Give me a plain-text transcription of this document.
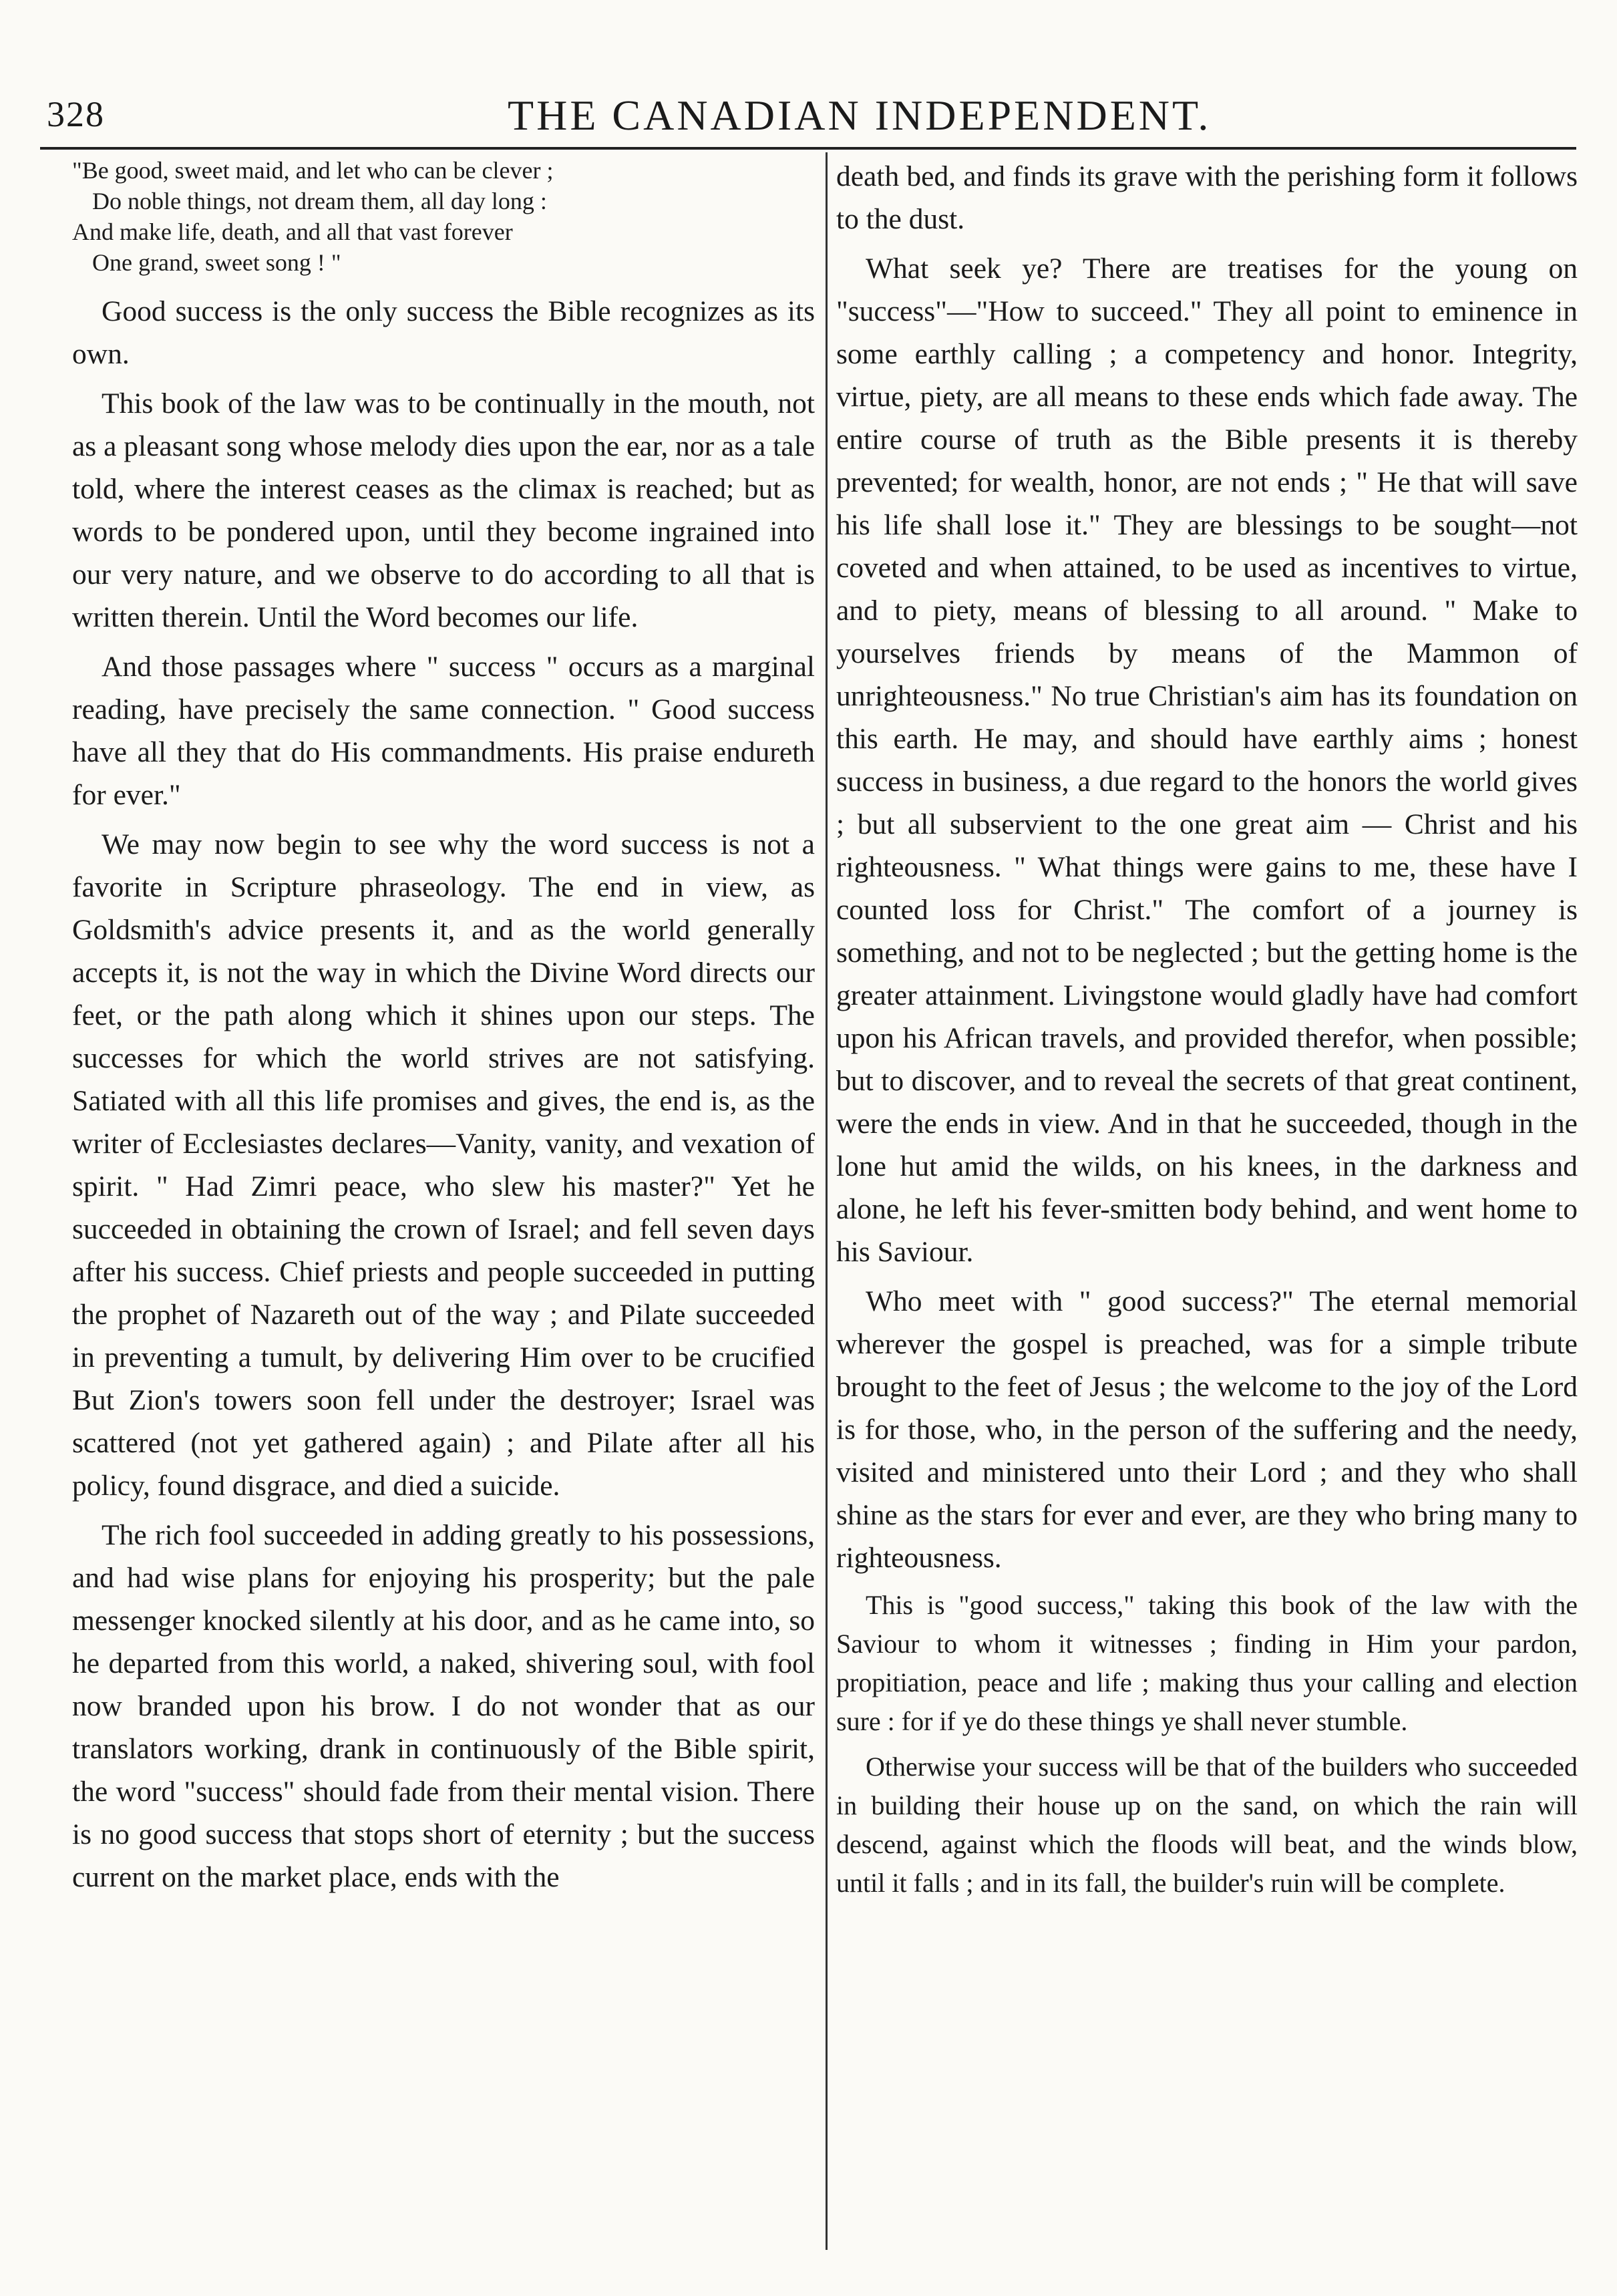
328	THE CANADIAN INDEPENDENT.
"Be good, sweet maid, and let who can be clever ;
Do noble things, not dream them, all day long :
And make life, death, and all that vast forever
One grand, sweet song ! "

Good success is the only success the Bible recognizes as its own.

This book of the law was to be continually in the mouth, not as a pleasant song whose melody dies upon the ear, nor as a tale told, where the interest ceases as the climax is reached; but as words to be pondered upon, until they become ingrained into our very nature, and we observe to do according to all that is written therein. Until the Word becomes our life.

And those passages where " success " occurs as a marginal reading, have precisely the same connection. " Good success have all they that do His commandments. His praise endureth for ever."

We may now begin to see why the word success is not a favorite in Scripture phraseology. The end in view, as Goldsmith's advice presents it, and as the world generally accepts it, is not the way in which the Divine Word directs our feet, or the path along which it shines upon our steps. The successes for which the world strives are not satisfying. Satiated with all this life promises and gives, the end is, as the writer of Ecclesiastes declares—Vanity, vanity, and vexation of spirit. " Had Zimri peace, who slew his master?" Yet he succeeded in obtaining the crown of Israel; and fell seven days after his success. Chief priests and people succeeded in putting the prophet of Nazareth out of the way ; and Pilate succeeded in preventing a tumult, by delivering Him over to be crucified But Zion's towers soon fell under the destroyer; Israel was scattered (not yet gathered again) ; and Pilate after all his policy, found disgrace, and died a suicide.

The rich fool succeeded in adding greatly to his possessions, and had wise plans for enjoying his prosperity; but the pale messenger knocked silently at his door, and as he came into, so he departed from this world, a naked, shivering soul, with fool now branded upon his brow. I do not wonder that as our translators working, drank in continuously of the Bible spirit, the word "success" should fade from their mental vision. There is no good success that stops short of eternity ; but the success current on the market place, ends with the

death bed, and finds its grave with the perishing form it follows to the dust.

What seek ye? There are treatises for the young on "success"—"How to succeed." They all point to eminence in some earthly calling ; a competency and honor. Integrity, virtue, piety, are all means to these ends which fade away. The entire course of truth as the Bible presents it is thereby prevented; for wealth, honor, are not ends ; " He that will save his life shall lose it." They are blessings to be sought—not coveted and when attained, to be used as incentives to virtue, and to piety, means of blessing to all around. " Make to yourselves friends by means of the Mammon of unrighteousness." No true Christian's aim has its foundation on this earth. He may, and should have earthly aims ; honest success in business, a due regard to the honors the world gives ; but all subservient to the one great aim — Christ and his righteousness. " What things were gains to me, these have I counted loss for Christ." The comfort of a journey is something, and not to be neglected ; but the getting home is the greater attainment. Livingstone would gladly have had comfort upon his African travels, and provided therefor, when possible; but to discover, and to reveal the secrets of that great continent, were the ends in view. And in that he succeeded, though in the lone hut amid the wilds, on his knees, in the darkness and alone, he left his fever-smitten body behind, and went home to his Saviour.

Who meet with " good success?" The eternal memorial wherever the gospel is preached, was for a simple tribute brought to the feet of Jesus ; the welcome to the joy of the Lord is for those, who, in the person of the suffering and the needy, visited and ministered unto their Lord ; and they who shall shine as the stars for ever and ever, are they who bring many to righteousness.

This is "good success," taking this book of the law with the Saviour to whom it witnesses ; finding in Him your pardon, propitiation, peace and life ; making thus your calling and election sure : for if ye do these things ye shall never stumble.

Otherwise your success will be that of the builders who succeeded in building their house up on the sand, on which the rain will descend, against which the floods will beat, and the winds blow, until it falls ; and in its fall, the builder's ruin will be complete.
